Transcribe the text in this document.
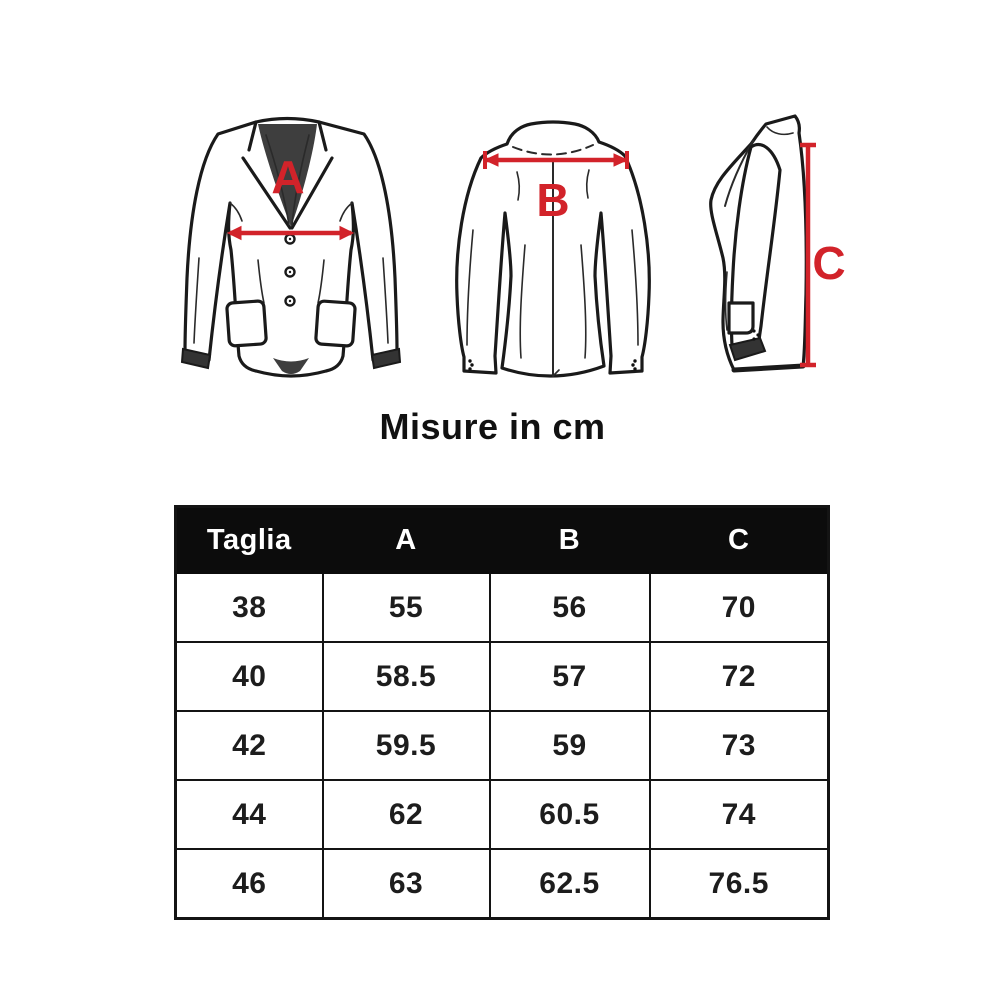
A	B
C
Misure in cm
Taglia	A	B	C
38	55	56	70
40	58.5	57	72
42	59.5	59	73
44	62	60.5	74
46	63	62.5	76.5
